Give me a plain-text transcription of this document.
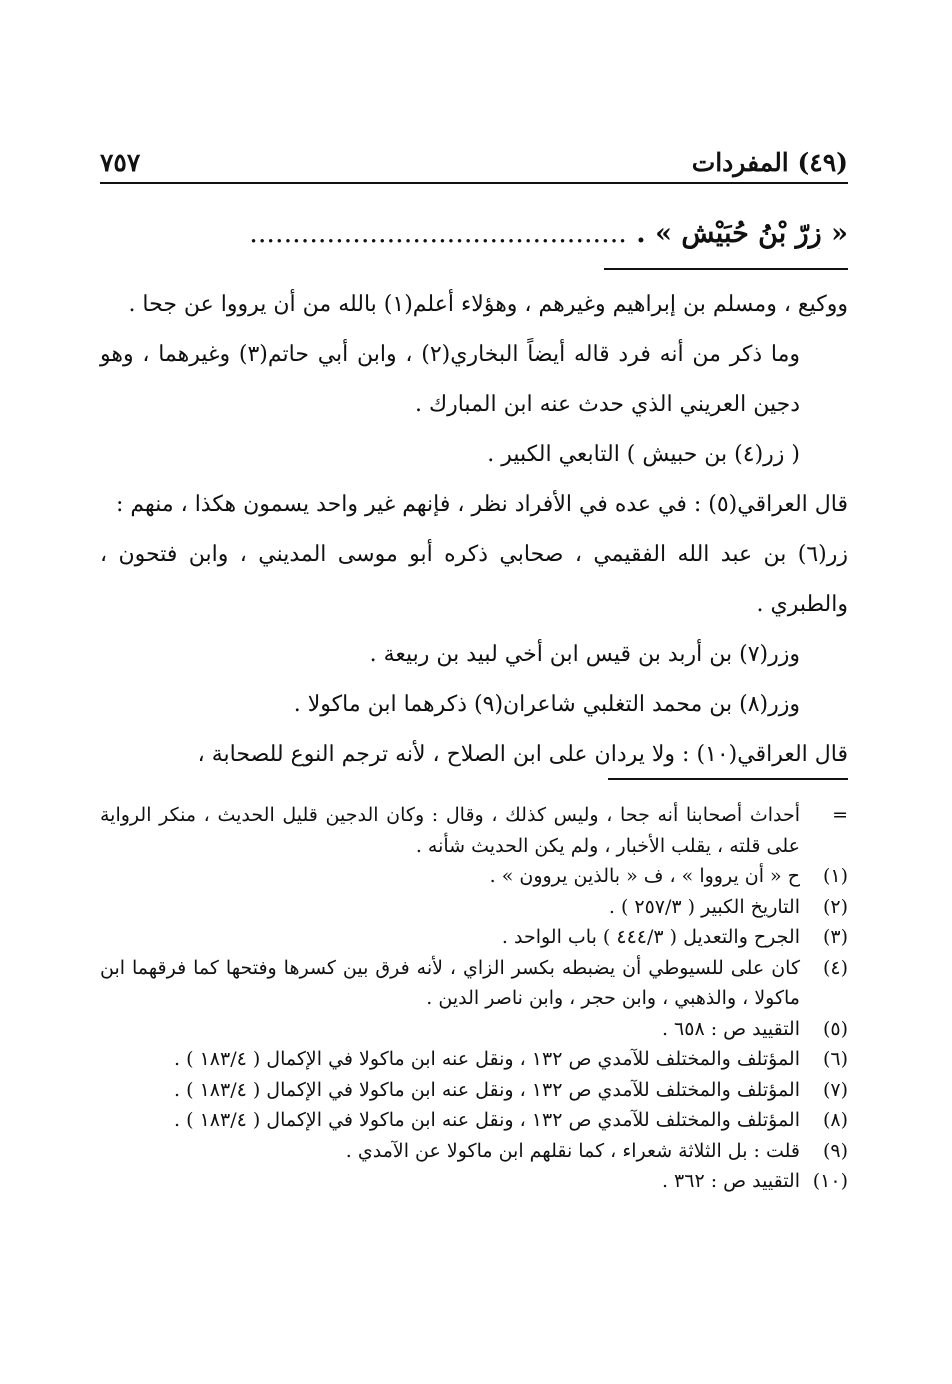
(٤٩) المفردات
٧٥٧
« زِرّ بْنُ حُبَيْش » . ............................................

ووكيع ، ومسلم بن إبراهيم وغيرهم ، وهؤلاء أعلم(١) بالله من أن يرووا عن جحا .

وما ذكر من أنه فرد قاله أيضاً البخاري(٢) ، وابن أبي حاتم(٣) وغيرهما ، وهو دجين العريني الذي حدث عنه ابن المبارك .

( زر(٤) بن حبيش ) التابعي الكبير .

قال العراقي(٥) : في عده في الأفراد نظر ، فإنهم غير واحد يسمون هكذا ، منهم :

زر(٦) بن عبد الله الفقيمي ، صحابي ذكره أبو موسى المديني ، وابن فتحون ، والطبري .

وزر(٧) بن أربد بن قيس ابن أخي لبيد بن ربيعة .

وزر(٨) بن محمد التغلبي شاعران(٩) ذكرهما ابن ماكولا .

قال العراقي(١٠) : ولا يردان على ابن الصلاح ، لأنه ترجم النوع للصحابة ،

=
أحداث أصحابنا أنه جحا ، وليس كذلك ، وقال : وكان الدجين قليل الحديث ، منكر الرواية على قلته ، يقلب الأخبار ، ولم يكن الحديث شأنه .
(١)
ح « أن يرووا » ، ف « بالذين يروون » .
(٢)
التاريخ الكبير ( ٢٥٧/٣ ) .
(٣)
الجرح والتعديل ( ٤٤٤/٣ ) باب الواحد .
(٤)
كان على للسيوطي أن يضبطه بكسر الزاي ، لأنه فرق بين كسرها وفتحها كما فرقهما ابن ماكولا ، والذهبي ، وابن حجر ، وابن ناصر الدين .
(٥)
التقييد ص : ٦٥٨ .
(٦)
المؤتلف والمختلف للآمدي ص ١٣٢ ، ونقل عنه ابن ماكولا في الإكمال ( ١٨٣/٤ ) .
(٧)
المؤتلف والمختلف للآمدي ص ١٣٢ ، ونقل عنه ابن ماكولا في الإكمال ( ١٨٣/٤ ) .
(٨)
المؤتلف والمختلف للآمدي ص ١٣٢ ، ونقل عنه ابن ماكولا في الإكمال ( ١٨٣/٤ ) .
(٩)
قلت : بل الثلاثة شعراء ، كما نقلهم ابن ماكولا عن الآمدي .
(١٠)
التقييد ص : ٣٦٢ .
